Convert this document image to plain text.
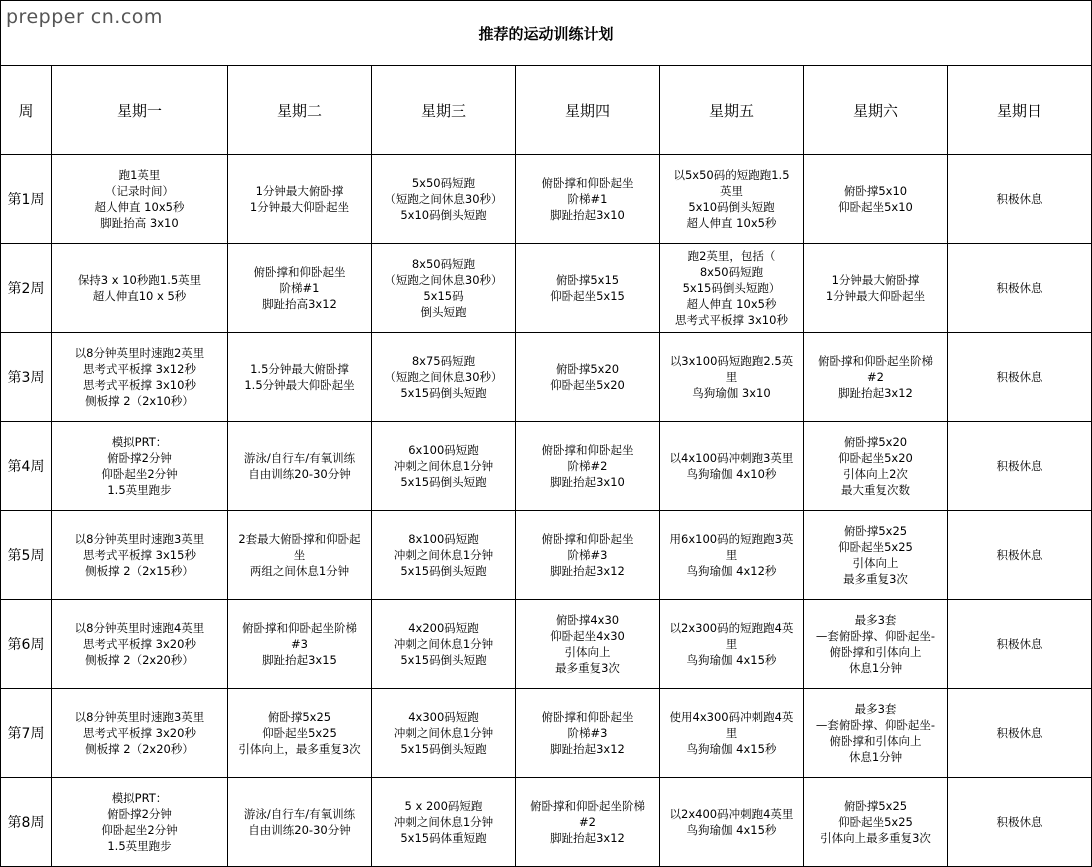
prepper cn.com
推荐的运动训练计划							
周	星期一	星期二	星期三	星期四	星期五	星期六	星期日
第1周	跑1英里
（记录时间）
超人伸直 10x5秒
脚趾抬高 3x10	1分钟最大俯卧撑
1分钟最大仰卧起坐	5x50码短跑
（短跑之间休息30秒）
5x10码倒头短跑	俯卧撑和仰卧起坐
阶梯#1
脚趾抬起3x10	以5x50码的短跑跑1.5
英里
5x10码倒头短跑
超人伸直 10x5秒	俯卧撑5x10
仰卧起坐5x10	积极休息

第2周	保持3 x 10秒跑1.5英里
超人伸直10 x 5秒	俯卧撑和仰卧起坐
阶梯#1
脚趾抬高3x12	8x50码短跑
（短跑之间休息30秒）
5x15码
倒头短跑	俯卧撑5x15
仰卧起坐5x15	跑2英里，包括（
8x50码短跑
5x15码倒头短跑）
超人伸直 10x5秒
思考式平板撑 3x10秒	1分钟最大俯卧撑
1分钟最大仰卧起坐	积极休息

第3周	以8分钟英里时速跑2英里
思考式平板撑 3x12秒
思考式平板撑 3x10秒
侧板撑 2（2x10秒）	1.5分钟最大俯卧撑
1.5分钟最大仰卧起坐	8x75码短跑
（短跑之间休息30秒）
5x15码倒头短跑	俯卧撑5x20
仰卧起坐5x20	以3x100码短跑跑2.5英
里
鸟狗瑜伽 3x10	俯卧撑和仰卧起坐阶梯
#2
脚趾抬起3x12	积极休息

第4周	模拟PRT：
俯卧撑2分钟
仰卧起坐2分钟
1.5英里跑步	游泳/自行车/有氧训练
自由训练20-30分钟	6x100码短跑
冲刺之间休息1分钟
5x15码倒头短跑	俯卧撑和仰卧起坐
阶梯#2
脚趾抬起3x10	以4x100码冲刺跑3英里
鸟狗瑜伽 4x10秒	俯卧撑5x20
仰卧起坐5x20
引体向上2次
最大重复次数	积极休息

第5周	以8分钟英里时速跑3英里
思考式平板撑 3x15秒
侧板撑 2（2x15秒）	2套最大俯卧撑和仰卧起
坐
两组之间休息1分钟	8x100码短跑
冲刺之间休息1分钟
5x15码倒头短跑	俯卧撑和仰卧起坐
阶梯#3
脚趾抬起3x12	用6x100码的短跑跑3英
里
鸟狗瑜伽 4x12秒	俯卧撑5x25
仰卧起坐5x25
引体向上
最多重复3次	积极休息

第6周	以8分钟英里时速跑4英里
思考式平板撑 3x20秒
侧板撑 2（2x20秒）	俯卧撑和仰卧起坐阶梯
#3
脚趾抬起3x15	4x200码短跑
冲刺之间休息1分钟
5x15码倒头短跑	俯卧撑4x30
仰卧起坐4x30
引体向上
最多重复3次	以2x300码的短跑跑4英
里
鸟狗瑜伽 4x15秒	最多3套
—套俯卧撑、仰卧起坐-
俯卧撑和引体向上
休息1分钟	积极休息

第7周	以8分钟英里时速跑3英里
思考式平板撑 3x20秒
侧板撑 2（2x20秒）	俯卧撑5x25
仰卧起坐5x25
引体向上，最多重复3次	4x300码短跑
冲刺之间休息1分钟
5x15码倒头短跑	俯卧撑和仰卧起坐
阶梯#3
脚趾抬起3x12	使用4x300码冲刺跑4英
里
鸟狗瑜伽 4x15秒	最多3套
—套俯卧撑、仰卧起坐-
俯卧撑和引体向上
休息1分钟	积极休息

第8周	模拟PRT：
俯卧撑2分钟
仰卧起坐2分钟
1.5英里跑步	游泳/自行车/有氧训练
自由训练20-30分钟	5 x 200码短跑
冲刺之间休息1分钟
5x15码体重短跑	俯卧撑和仰卧起坐阶梯
#2
脚趾抬起3x12	以2x400码冲刺跑4英里
鸟狗瑜伽 4x15秒	俯卧撑5x25
仰卧起坐5x25
引体向上最多重复3次	积极休息
